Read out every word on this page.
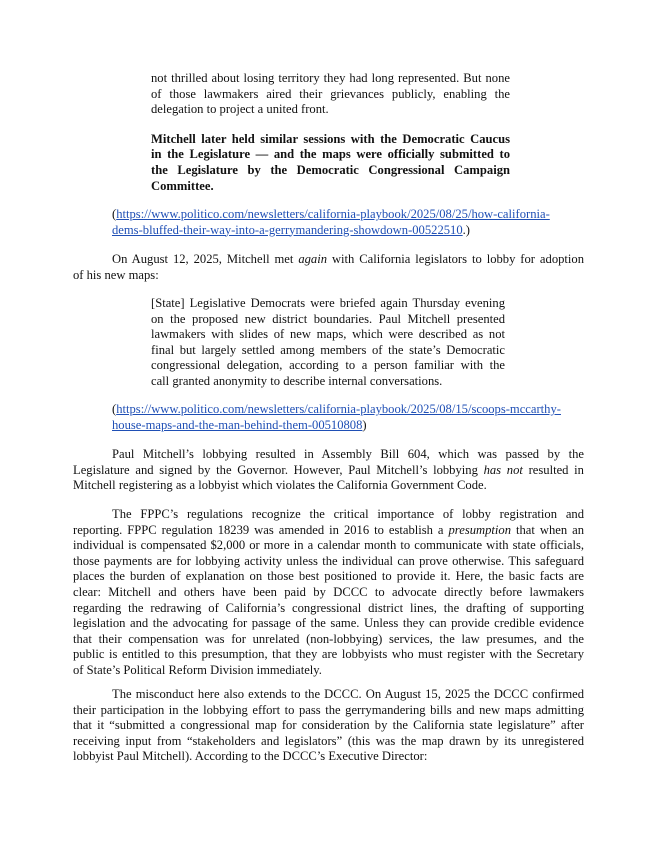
not thrilled about losing territory they had long represented. But none
of those lawmakers aired their grievances publicly, enabling the
delegation to project a united front.
Mitchell later held similar sessions with the Democratic Caucus
in the Legislature — and the maps were officially submitted to
the Legislature by the Democratic Congressional Campaign
Committee.
(https://www.politico.com/newsletters/california-playbook/2025/08/25/how-california-
dems-bluffed-their-way-into-a-gerrymandering-showdown-00522510.)
On August 12, 2025, Mitchell met again with California legislators to lobby for adoption
of his new maps:
[State] Legislative Democrats were briefed again Thursday evening
on the proposed new district boundaries. Paul Mitchell presented
lawmakers with slides of new maps, which were described as not
final but largely settled among members of the state’s Democratic
congressional delegation, according to a person familiar with the
call granted anonymity to describe internal conversations.
(https://www.politico.com/newsletters/california-playbook/2025/08/15/scoops-mccarthy-
house-maps-and-the-man-behind-them-00510808)
Paul Mitchell’s lobbying resulted in Assembly Bill 604, which was passed by the
Legislature and signed by the Governor. However, Paul Mitchell’s lobbying has not resulted in
Mitchell registering as a lobbyist which violates the California Government Code.
The FPPC’s regulations recognize the critical importance of lobby registration and
reporting. FPPC regulation 18239 was amended in 2016 to establish a presumption that when an
individual is compensated $2,000 or more in a calendar month to communicate with state officials,
those payments are for lobbying activity unless the individual can prove otherwise. This safeguard
places the burden of explanation on those best positioned to provide it. Here, the basic facts are
clear: Mitchell and others have been paid by DCCC to advocate directly before lawmakers
regarding the redrawing of California’s congressional district lines, the drafting of supporting
legislation and the advocating for passage of the same. Unless they can provide credible evidence
that their compensation was for unrelated (non-lobbying) services, the law presumes, and the
public is entitled to this presumption, that they are lobbyists who must register with the Secretary
of State’s Political Reform Division immediately.
The misconduct here also extends to the DCCC. On August 15, 2025 the DCCC confirmed
their participation in the lobbying effort to pass the gerrymandering bills and new maps admitting
that it “submitted a congressional map for consideration by the California state legislature” after
receiving input from “stakeholders and legislators” (this was the map drawn by its unregistered
lobbyist Paul Mitchell). According to the DCCC’s Executive Director:
